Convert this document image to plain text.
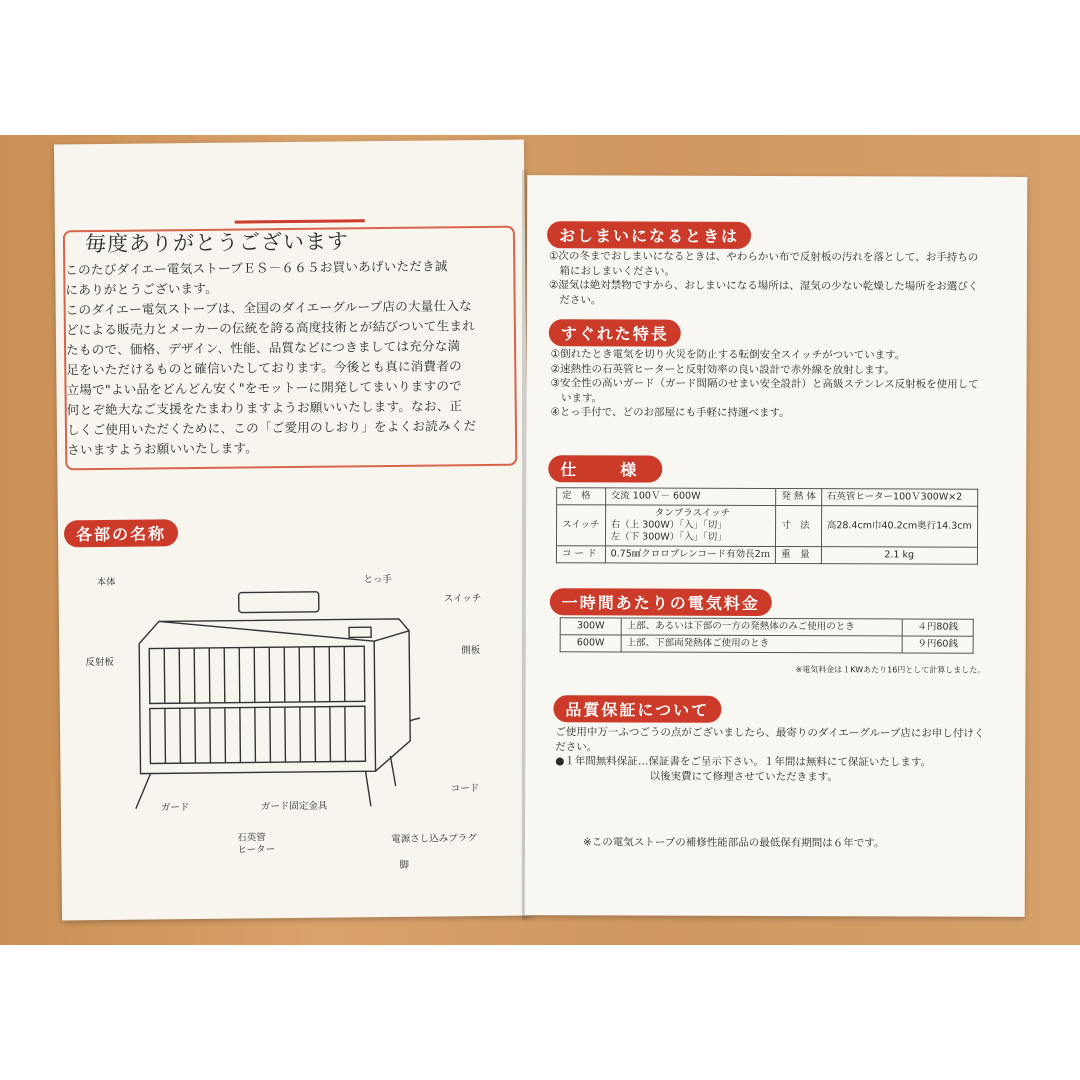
毎度ありがとうございます
このたびダイエー電気ストーブＥＳ－６６５お買いあげいただき誠
にありがとうございます。
このダイエー電気ストーブは、全国のダイエーグループ店の大量仕入な
どによる販売力とメーカーの伝統を誇る高度技術とが結びついて生まれ
たもので、価格、デザイン、性能、品質などにつきましては充分な満
足をいただけるものと確信いたしております。今後とも真に消費者の
立場で"よい品をどんどん安く"をモットーに開発してまいりますので
何とぞ絶大なご支援をたまわりますようお願いいたします。なお、正
しくご使用いただくために、この「ご愛用のしおり」をよくお読みくだ
さいますようお願いいたします。
各部の名称
本体	とっ手
スイッチ
反射板
側板
ガード	ガード固定金具
石英管
ヒーター
コード
電源さし込みプラグ
脚
おしまいになるときは
①次の冬までおしまいになるときは、やわらかい布で反射板の汚れを落として、お手持ちの
　箱におしまいください。
②湿気は絶対禁物ですから、おしまいになる場所は、湿気の少ない乾燥した場所をお選びく
　ださい。
すぐれた特長
①倒れたとき電気を切り火災を防止する転倒安全スイッチがついています。
②速熱性の石英管ヒーターと反射効率の良い設計で赤外線を放射します。
③安全性の高いガード（ガード間隔のせまい安全設計）と高級ステンレス反射板を使用して
　います。
④とっ手付で、どのお部屋にも手軽に持運べます。
仕　様
定　格	交流 100Ｖ－ 600W	発 熱 体	石英管ヒーター100Ｖ300W×2
スイッチ	タンブラスイッチ
右（上 300W）「入」「切」
左（下 300W）「入」「切」	寸　法	高28.4cm巾40.2cm奥行14.3cm
コ ー ド	0.75㎟クロロプレンコード有効長2ｍ	重　量	2.1 kg
一時間あたりの電気料金
300W	上部、あるいは下部の一方の発熱体のみご使用のとき	４円80銭
600W	上部、下部両発熱体ご使用のとき	９円60銭
※電気料金は１KWあたり16円として計算しました。
品質保証について
ご使用中万一ふつごうの点がございましたら、最寄りのダイエーグループ店にお申し付けく
ださい。
●１年間無料保証…保証書をご呈示下さい。１年間は無料にて保証いたします。
　　　　　　　　　以後実費にて修理させていただきます。
※この電気ストーブの補修性能部品の最低保有期間は６年です。
